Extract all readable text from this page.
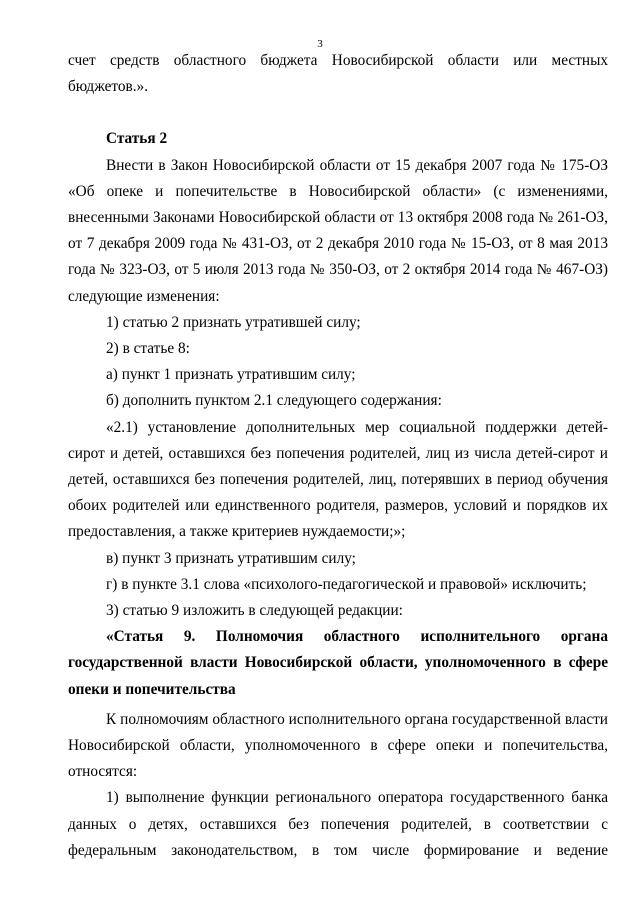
3

счет средств областного бюджета Новосибирской области или местных бюджетов.».

Статья 2

Внести в Закон Новосибирской области от 15 декабря 2007 года № 175-ОЗ «Об опеке и попечительстве в Новосибирской области» (с изменениями, внесенными Законами Новосибирской области от 13 октября 2008 года № 261-ОЗ, от 7 декабря 2009 года № 431-ОЗ, от 2 декабря 2010 года № 15-ОЗ, от 8 мая 2013 года № 323-ОЗ, от 5 июля 2013 года № 350-ОЗ, от 2 октября 2014 года № 467-ОЗ) следующие изменения:

1) статью 2 признать утратившей силу;

2) в статье 8:

а) пункт 1 признать утратившим силу;

б) дополнить пунктом 2.1 следующего содержания:

«2.1) установление дополнительных мер социальной поддержки детей-сирот и детей, оставшихся без попечения родителей, лиц из числа детей-сирот и детей, оставшихся без попечения родителей, лиц, потерявших в период обучения обоих родителей или единственного родителя, размеров, условий и порядков их предоставления, а также критериев нуждаемости;»;

в) пункт 3 признать утратившим силу;

г) в пункте 3.1 слова «психолого-педагогической и правовой» исключить;

3) статью 9 изложить в следующей редакции:

«Статья 9. Полномочия областного исполнительного органа государственной власти Новосибирской области, уполномоченного в сфере опеки и попечительства

К полномочиям областного исполнительного органа государственной власти Новосибирской области, уполномоченного в сфере опеки и попечительства, относятся:

1) выполнение функции регионального оператора государственного банка данных о детях, оставшихся без попечения родителей, в соответствии с федеральным законодательством, в том числе формирование и ведение
